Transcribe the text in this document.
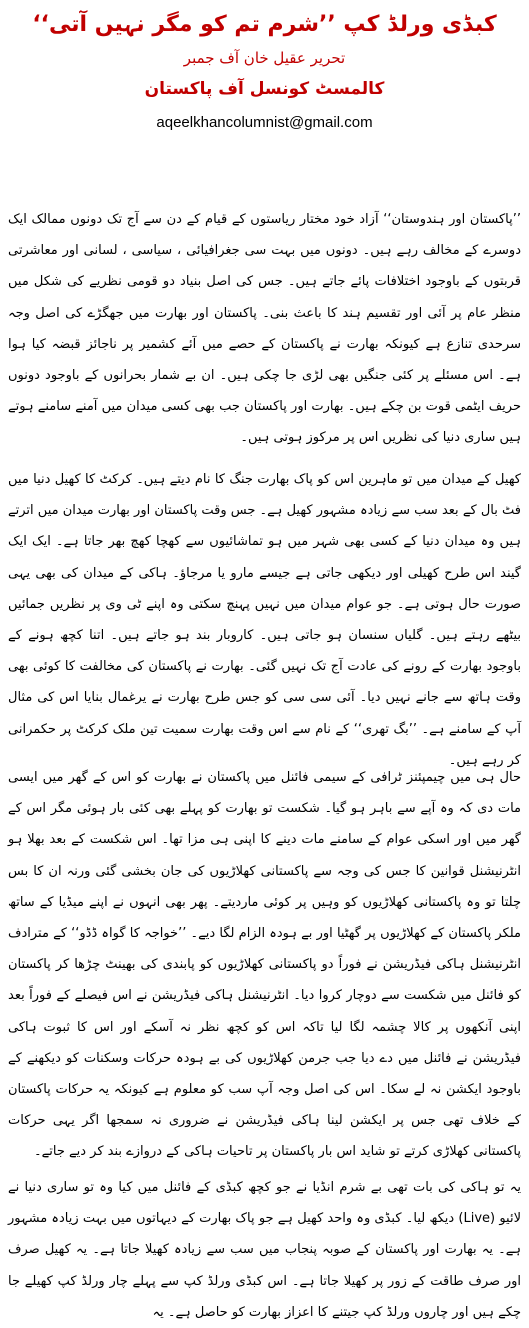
کبڈی ورلڈ کپ ’’شرم تم کو مگر نہیں آتی‘‘

تحریر عقیل خان آف جمبر

کالمسٹ کونسل آف پاکستان

aqeelkhancolumnist@gmail.com

’’پاکستان اور ہندوستان‘‘ آزاد خود مختار ریاستوں کے قیام کے دن سے آج تک دونوں ممالک ایک دوسرے کے مخالف رہے ہیں۔ دونوں میں بہت سی جغرافیائی ، سیاسی ، لسانی اور معاشرتی قربتوں کے باوجود اختلافات پائے جاتے ہیں۔ جس کی اصل بنیاد دو قومی نظریے کی شکل میں منظر عام پر آئی اور تقسیم ہند کا باعث بنی۔ پاکستان اور بھارت میں جھگڑے کی اصل وجہ سرحدی تنازع ہے کیونکہ بھارت نے پاکستان کے حصے میں آئے کشمیر پر ناجائز قبضہ کیا ہوا ہے۔ اس مسئلے پر کئی جنگیں بھی لڑی جا چکی ہیں۔ ان بے شمار بحرانوں کے باوجود دونوں حریف ایٹمی قوت بن چکے ہیں۔ بھارت اور پاکستان جب بھی کسی میدان میں آمنے سامنے ہوتے ہیں ساری دنیا کی نظریں اس پر مرکوز ہوتی ہیں۔

کھیل کے میدان میں تو ماہرین اس کو پاک بھارت جنگ کا نام دیتے ہیں۔ کرکٹ کا کھیل دنیا میں فٹ بال کے بعد سب سے زیادہ مشہور کھیل ہے۔ جس وقت پاکستان اور بھارت میدان میں اترتے ہیں وہ میدان دنیا کے کسی بھی شہر میں ہو تماشائیوں سے کھچا کھچ بھر جاتا ہے۔ ایک ایک گیند اس طرح کھیلی اور دیکھی جاتی ہے جیسے مارو یا مرجاؤ۔ ہاکی کے میدان کی بھی یہی صورت حال ہوتی ہے۔ جو عوام میدان میں نہیں پہنچ سکتی وہ اپنے ٹی وی پر نظریں جمائیں بیٹھے رہتے ہیں۔ گلیاں سنسان ہو جاتی ہیں۔ کاروبار بند ہو جاتے ہیں۔ اتنا کچھ ہونے کے باوجود بھارت کے رونے کی عادت آج تک نہیں گئی۔ بھارت نے پاکستان کی مخالفت کا کوئی بھی وقت ہاتھ سے جانے نہیں دیا۔ آئی سی سی کو جس طرح بھارت نے یرغمال بنایا اس کی مثال آپ کے سامنے ہے۔ ’’بگ تھری‘‘ کے نام سے اس وقت بھارت سمیت تین ملک کرکٹ پر حکمرانی کر رہے ہیں۔

حال ہی میں چیمپئنز ٹرافی کے سیمی فائنل میں پاکستان نے بھارت کو اس کے گھر میں ایسی مات دی کہ وہ آپے سے باہر ہو گیا۔ شکست تو بھارت کو پہلے بھی کئی بار ہوئی مگر اس کے گھر میں اور اسکی عوام کے سامنے مات دینے کا اپنی ہی مزا تھا۔ اس شکست کے بعد بھلا ہو انٹرنیشنل قوانین کا جس کی وجہ سے پاکستانی کھلاڑیوں کی جان بخشی گئی ورنہ ان کا بس چلتا تو وہ پاکستانی کھلاڑیوں کو وہیں پر کوئی ماردیتے۔ پھر بھی انہوں نے اپنے میڈیا کے ساتھ ملکر پاکستان کے کھلاڑیوں پر گھٹیا اور بے ہودہ الزام لگا دیے۔ ’’خواجہ کا گواہ ڈڈو‘‘ کے مترادف انٹرنیشنل ہاکی فیڈریشن نے فوراً دو پاکستانی کھلاڑیوں کو پابندی کی بھینٹ چڑھا کر پاکستان کو فائنل میں شکست سے دوچار کروا دیا۔ انٹرنیشنل ہاکی فیڈریشن نے اس فیصلے کے فوراً بعد اپنی آنکھوں پر کالا چشمہ لگا لیا تاکہ اس کو کچھ نظر نہ آسکے اور اس کا ثبوت ہاکی فیڈریشن نے فائنل میں دے دیا جب جرمن کھلاڑیوں کی بے ہودہ حرکات وسکنات کو دیکھنے کے باوجود ایکشن نہ لے سکا۔ اس کی اصل وجہ آپ سب کو معلوم ہے کیونکہ یہ حرکات پاکستان کے خلاف تھی جس پر ایکشن لینا ہاکی فیڈریشن نے ضروری نہ سمجھا اگر یہی حرکات پاکستانی کھلاڑی کرتے تو شاید اس بار پاکستان پر تاحیات ہاکی کے دروازے بند کر دیے جاتے۔

یہ تو ہاکی کی بات تھی بے شرم انڈیا نے جو کچھ کبڈی کے فائنل میں کیا وہ تو ساری دنیا نے لائیو (Live) دیکھ لیا۔ کبڈی وہ واحد کھیل ہے جو پاک بھارت کے دیہاتوں میں بہت زیادہ مشہور ہے۔ یہ بھارت اور پاکستان کے صوبہ پنجاب میں سب سے زیادہ کھیلا جاتا ہے۔ یہ کھیل صرف اور صرف طاقت کے زور پر کھیلا جاتا ہے۔ اس کبڈی ورلڈ کپ سے پہلے چار ورلڈ کپ کھیلے جا چکے ہیں اور چاروں ورلڈ کپ جیتنے کا اعزاز بھارت کو حاصل ہے۔ یہ
